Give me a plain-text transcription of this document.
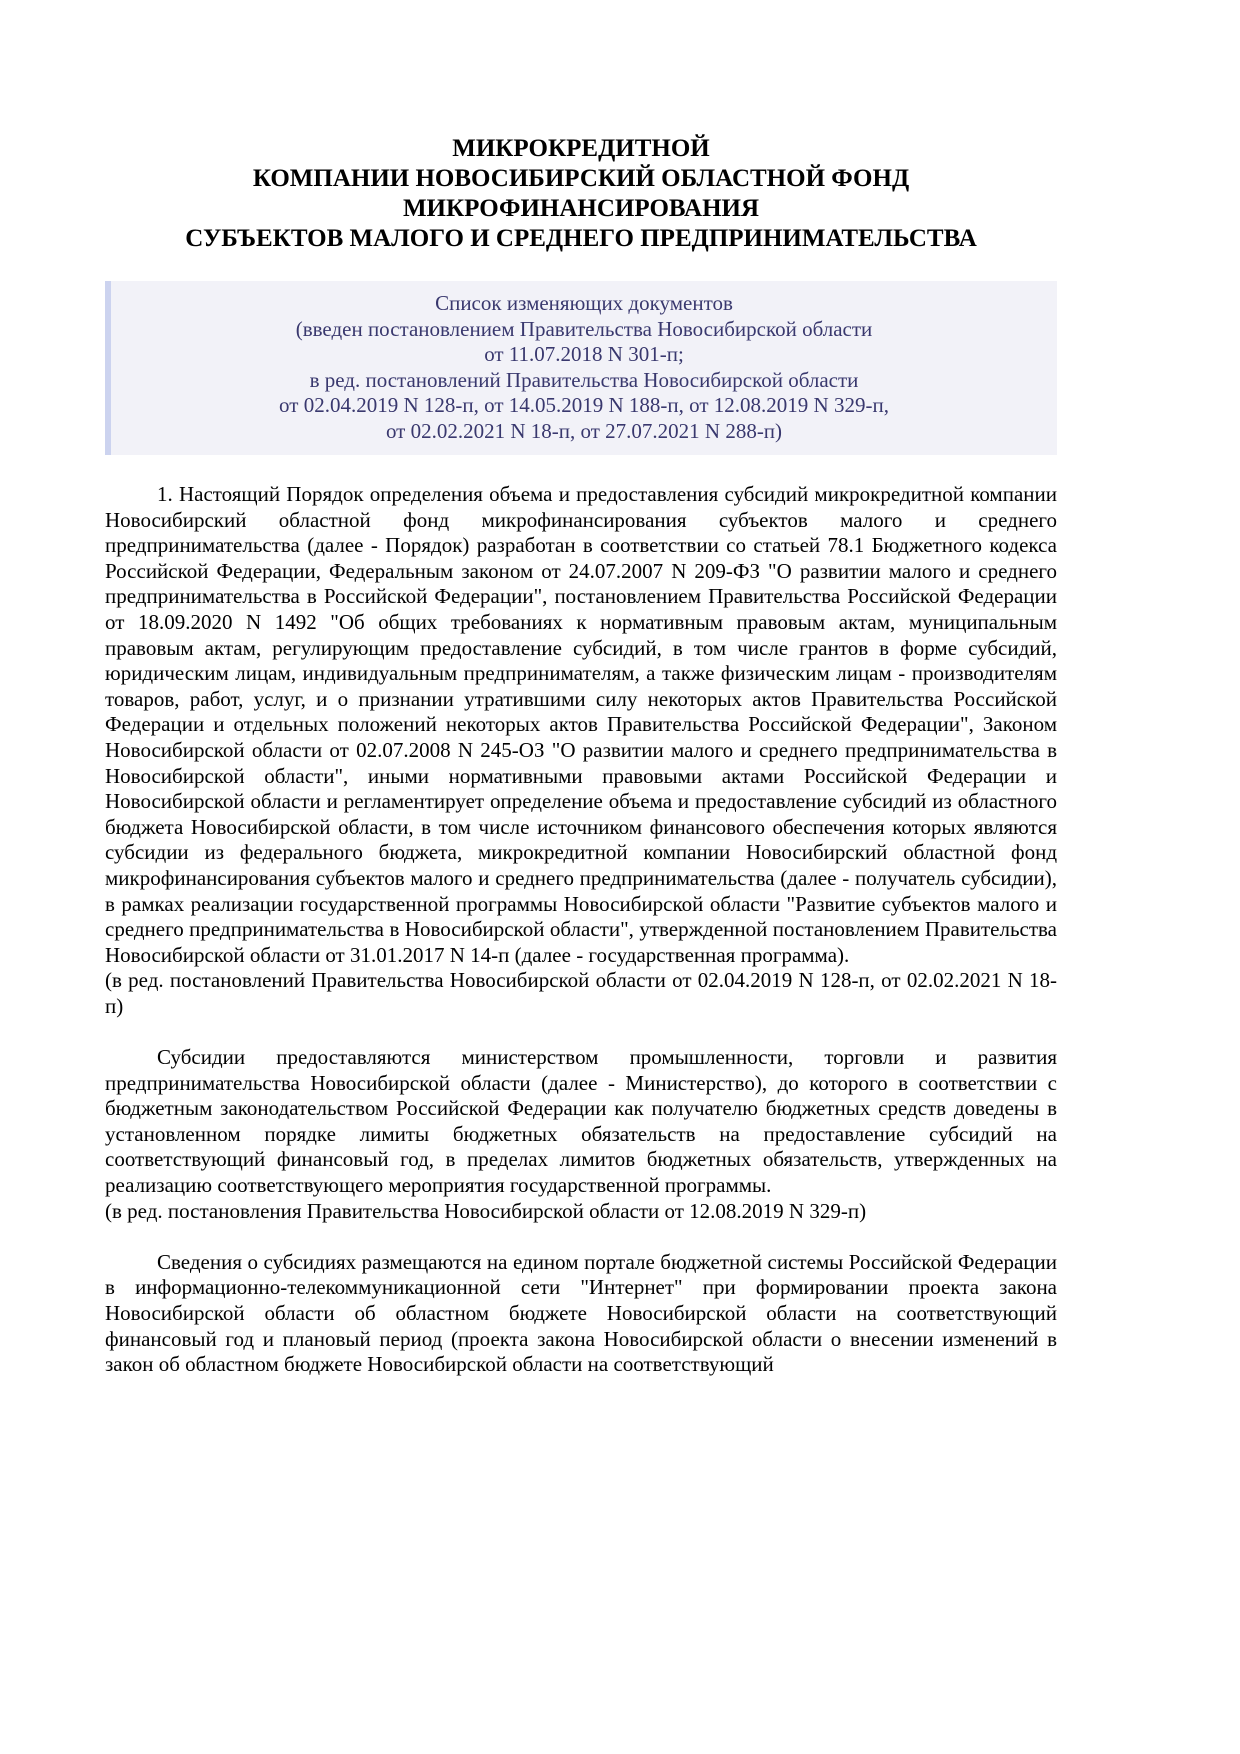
МИКРОКРЕДИТНОЙ
КОМПАНИИ НОВОСИБИРСКИЙ ОБЛАСТНОЙ ФОНД
МИКРОФИНАНСИРОВАНИЯ
СУБЪЕКТОВ МАЛОГО И СРЕДНЕГО ПРЕДПРИНИМАТЕЛЬСТВА
Список изменяющих документов
(введен постановлением Правительства Новосибирской области
от 11.07.2018 N 301-п;
в ред. постановлений Правительства Новосибирской области
от 02.04.2019 N 128-п, от 14.05.2019 N 188-п, от 12.08.2019 N 329-п,
от 02.02.2021 N 18-п, от 27.07.2021 N 288-п)

1. Настоящий Порядок определения объема и предоставления субсидий микрокредитной компании Новосибирский областной фонд микрофинансирования субъектов малого и среднего предпринимательства (далее - Порядок) разработан в соответствии со статьей 78.1 Бюджетного кодекса Российской Федерации, Федеральным законом от 24.07.2007 N 209-ФЗ "О развитии малого и среднего предпринимательства в Российской Федерации", постановлением Правительства Российской Федерации от 18.09.2020 N 1492 "Об общих требованиях к нормативным правовым актам, муниципальным правовым актам, регулирующим предоставление субсидий, в том числе грантов в форме субсидий, юридическим лицам, индивидуальным предпринимателям, а также физическим лицам - производителям товаров, работ, услуг, и о признании утратившими силу некоторых актов Правительства Российской Федерации и отдельных положений некоторых актов Правительства Российской Федерации", Законом Новосибирской области от 02.07.2008 N 245-ОЗ "О развитии малого и среднего предпринимательства в Новосибирской области", иными нормативными правовыми актами Российской Федерации и Новосибирской области и регламентирует определение объема и предоставление субсидий из областного бюджета Новосибирской области, в том числе источником финансового обеспечения которых являются субсидии из федерального бюджета, микрокредитной компании Новосибирский областной фонд микрофинансирования субъектов малого и среднего предпринимательства (далее - получатель субсидии), в рамках реализации государственной программы Новосибирской области "Развитие субъектов малого и среднего предпринимательства в Новосибирской области", утвержденной постановлением Правительства Новосибирской области от 31.01.2017 N 14-п (далее - государственная программа).

(в ред. постановлений Правительства Новосибирской области от 02.04.2019 N 128-п, от 02.02.2021 N 18-п)

Субсидии предоставляются министерством промышленности, торговли и развития предпринимательства Новосибирской области (далее - Министерство), до которого в соответствии с бюджетным законодательством Российской Федерации как получателю бюджетных средств доведены в установленном порядке лимиты бюджетных обязательств на предоставление субсидий на соответствующий финансовый год, в пределах лимитов бюджетных обязательств, утвержденных на реализацию соответствующего мероприятия государственной программы.

(в ред. постановления Правительства Новосибирской области от 12.08.2019 N 329-п)

Сведения о субсидиях размещаются на едином портале бюджетной системы Российской Федерации в информационно-телекоммуникационной сети "Интернет" при формировании проекта закона Новосибирской области об областном бюджете Новосибирской области на соответствующий финансовый год и плановый период (проекта закона Новосибирской области о внесении изменений в закон об областном бюджете Новосибирской области на соответствующий
